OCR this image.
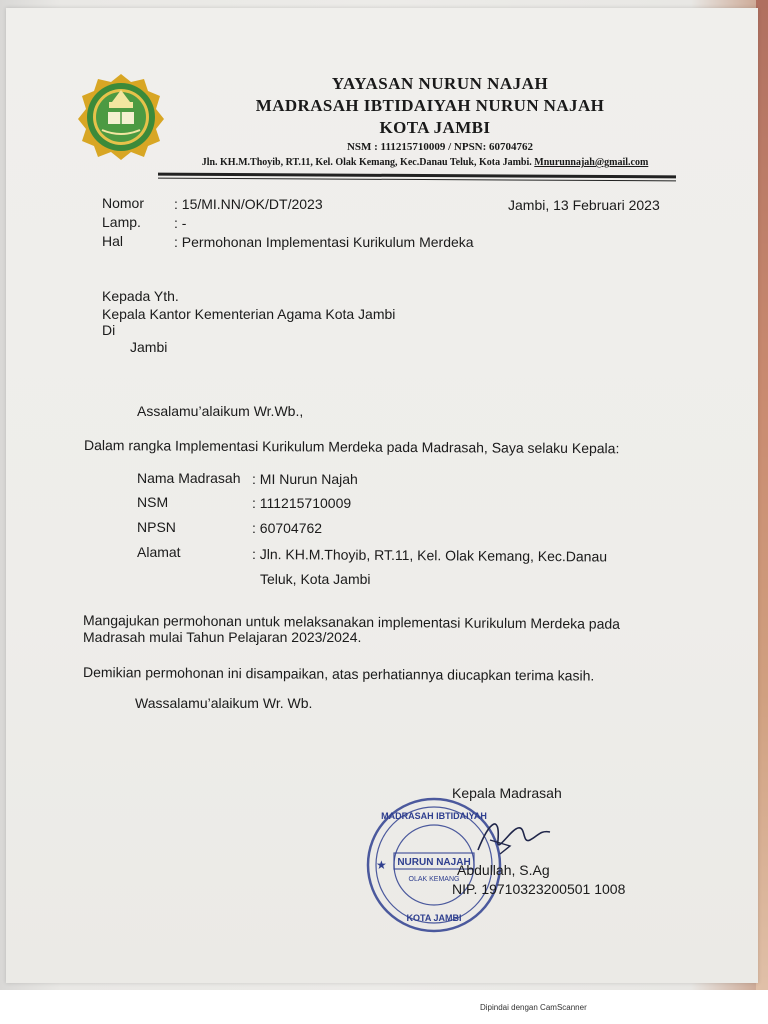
YAYASAN NURUN NAJAH
MADRASAH IBTIDAIYAH NURUN NAJAH
KOTA JAMBI
NSM : 111215710009 / NPSN: 60704762
Jln. KH.M.Thoyib, RT.11, Kel. Olak Kemang, Kec.Danau Teluk, Kota Jambi. Mnurunnajah@gmail.com
Nomor : 15/MI.NN/OK/DT/2023	Jambi, 13 Februari 2023
Lamp. : -
Hal	: Permohonan Implementasi Kurikulum Merdeka
Kepada Yth.
Kepala Kantor Kementerian Agama Kota Jambi
Di
Jambi
Assalamu’alaikum Wr.Wb.,
Dalam rangka Implementasi Kurikulum Merdeka pada Madrasah, Saya selaku Kepala:
Nama Madrasah : MI Nurun Najah
NSM	: 111215710009
NPSN	: 60704762
Alamat	: Jln. KH.M.Thoyib, RT.11, Kel. Olak Kemang, Kec.Danau
Teluk, Kota Jambi
Mangajukan permohonan untuk melaksanakan implementasi Kurikulum Merdeka pada
Madrasah mulai Tahun Pelajaran 2023/2024.
Demikian permohonan ini disampaikan, atas perhatiannya diucapkan terima kasih.
Wassalamu’alaikum Wr. Wb.
Kepala Madrasah
NURUN NAJAH
OLAK KEMANG
MADRASAH IBTIDAIYAH
KOTA JAMBI
★	Abdullah, S.Ag
NIP. 19710323200501 1008
Dipindai dengan CamScanner
